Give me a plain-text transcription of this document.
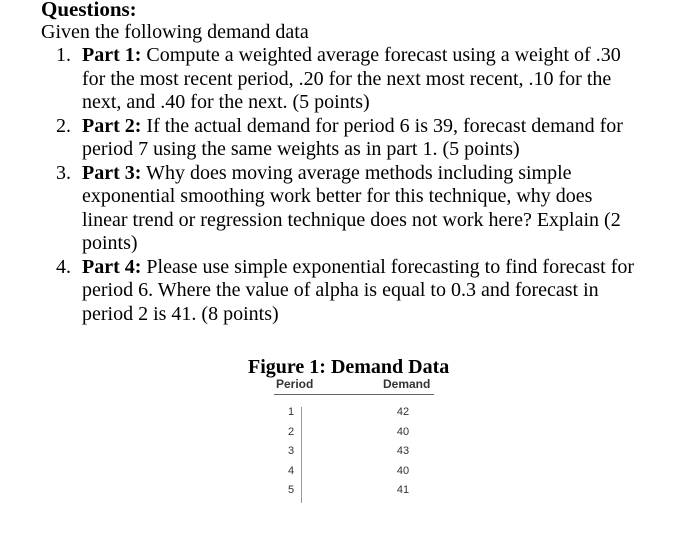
Questions:
Given the following demand data
1. Part 1: Compute a weighted average forecast using a weight of .30
for the most recent period, .20 for the next most recent, .10 for the
next, and .40 for the next. (5 points)
2. Part 2: If the actual demand for period 6 is 39, forecast demand for
period 7 using the same weights as in part 1. (5 points)
3. Part 3: Why does moving average methods including simple
exponential smoothing work better for this technique, why does
linear trend or regression technique does not work here? Explain (2
points)
4. Part 4: Please use simple exponential forecasting to find forecast for
period 6. Where the value of alpha is equal to 0.3 and forecast in
period 2 is 41. (8 points)
Figure 1: Demand Data
Period	Demand
1	42
2	40
3	43
4	40
5	41
